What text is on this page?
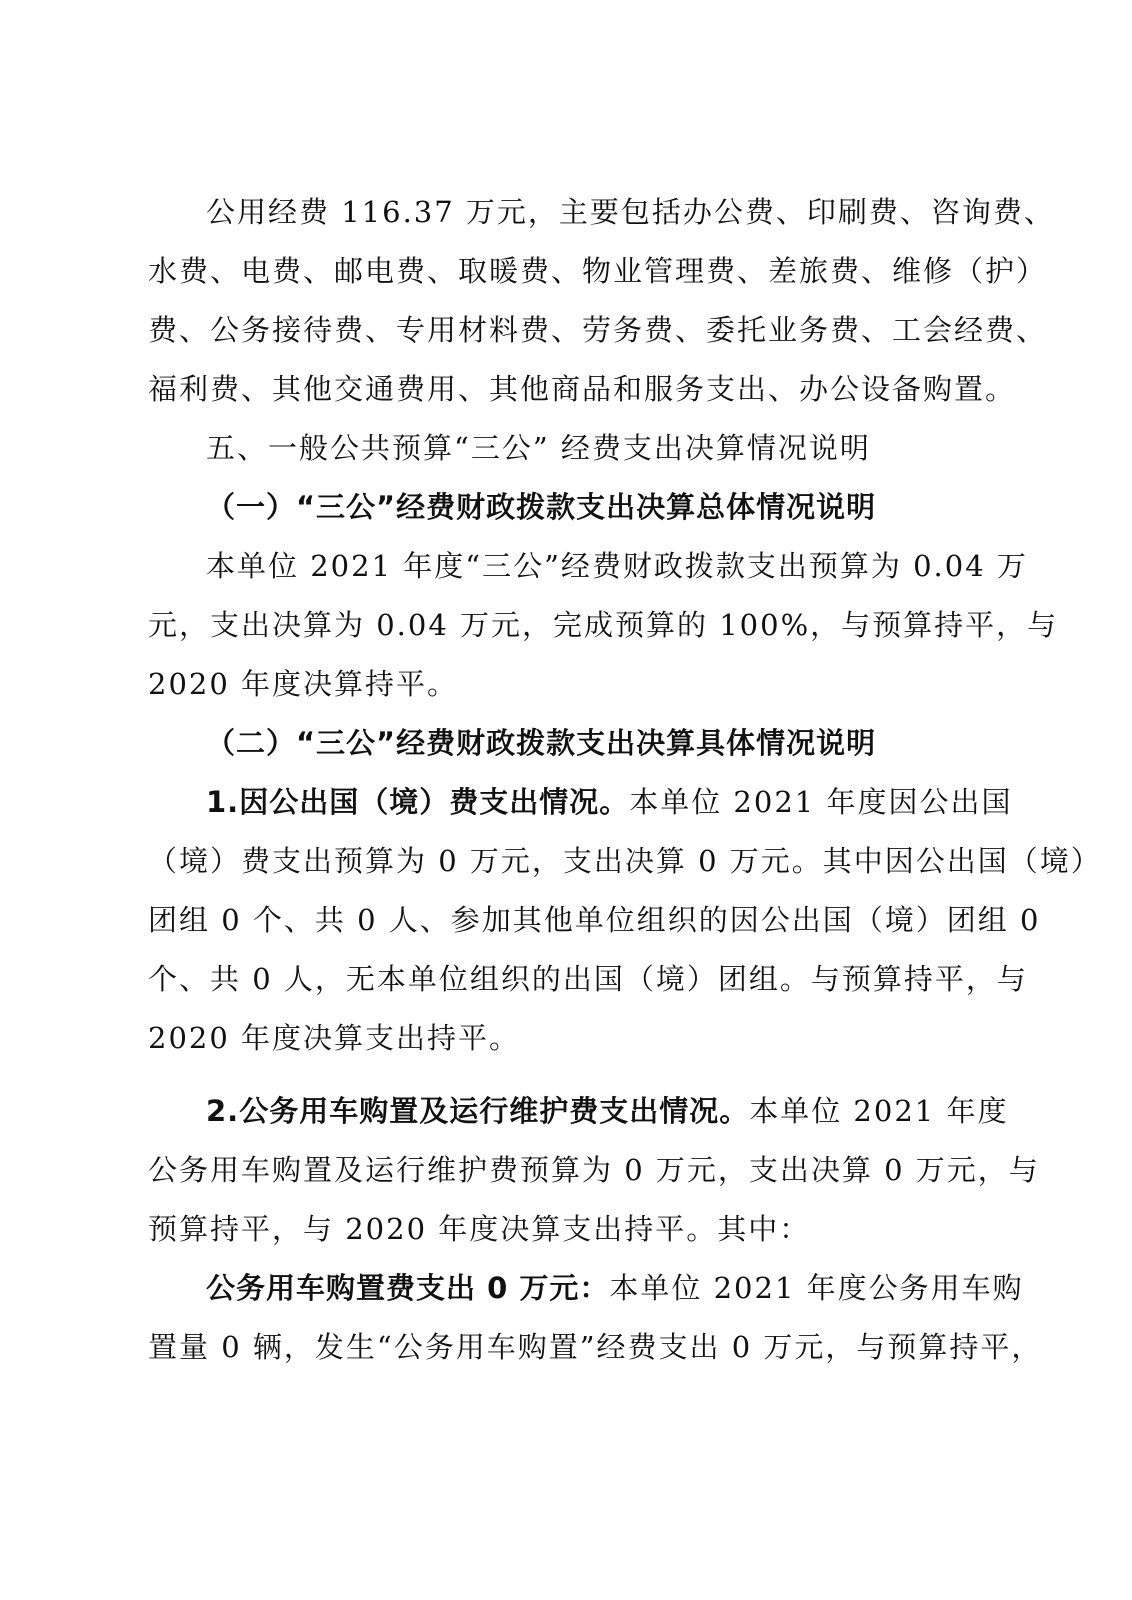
公用经费 116.37 万元，主要包括办公费、印刷费、咨询费、
水费、电费、邮电费、取暖费、物业管理费、差旅费、维修（护）
费、公务接待费、专用材料费、劳务费、委托业务费、工会经费、
福利费、其他交通费用、其他商品和服务支出、办公设备购置。
五、一般公共预算“三公” 经费支出决算情况说明
（一）“三公”经费财政拨款支出决算总体情况说明
本单位 2021 年度“三公”经费财政拨款支出预算为 0.04 万
元，支出决算为 0.04 万元，完成预算的 100%，与预算持平，与
2020 年度决算持平。
（二）“三公”经费财政拨款支出决算具体情况说明
1.因公出国（境）费支出情况。本单位 2021 年度因公出国
（境）费支出预算为 0 万元，支出决算 0 万元。其中因公出国（境）
团组 0 个、共 0 人、参加其他单位组织的因公出国（境）团组 0
个、共 0 人，无本单位组织的出国（境）团组。与预算持平，与
2020 年度决算支出持平。
2.公务用车购置及运行维护费支出情况。本单位 2021 年度
公务用车购置及运行维护费预算为 0 万元，支出决算 0 万元，与
预算持平，与 2020 年度决算支出持平。其中：
公务用车购置费支出 0 万元：本单位 2021 年度公务用车购
置量 0 辆，发生“公务用车购置”经费支出 0 万元，与预算持平，
